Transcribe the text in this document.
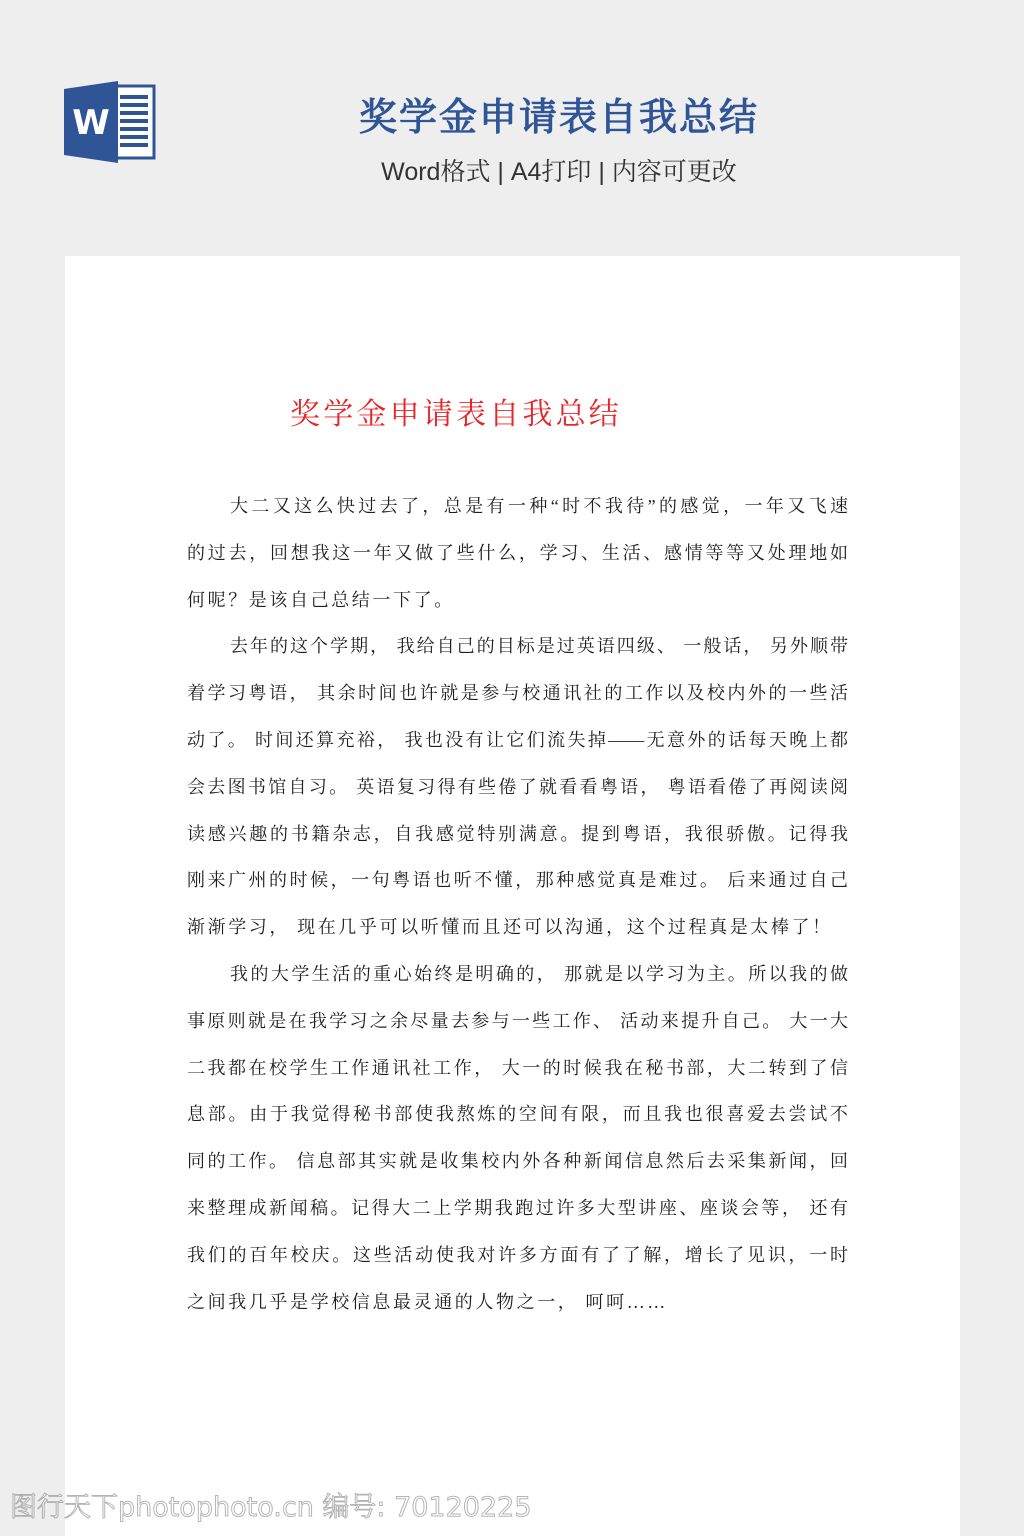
W	奖学金申请表自我总结
Word格式 | A4打印 | 内容可更改
奖学金申请表自我总结
大二又这么快过去了，总是有一种“时不我待”的感觉，一年又飞速
的过去，回想我这一年又做了些什么，学习、生活、感情等等又处理地如
何呢？是该自己总结一下了。
去年的这个学期， 我给自己的目标是过英语四级、 一般话， 另外顺带
着学习粤语， 其余时间也许就是参与校通讯社的工作以及校内外的一些活
动了。 时间还算充裕， 我也没有让它们流失掉——无意外的话每天晚上都
会去图书馆自习。 英语复习得有些倦了就看看粤语， 粤语看倦了再阅读阅
读感兴趣的书籍杂志，自我感觉特别满意。提到粤语，我很骄傲。记得我
刚来广州的时候，一句粤语也听不懂，那种感觉真是难过。 后来通过自己
渐渐学习， 现在几乎可以听懂而且还可以沟通，这个过程真是太棒了！
我的大学生活的重心始终是明确的， 那就是以学习为主。所以我的做
事原则就是在我学习之余尽量去参与一些工作、 活动来提升自己。 大一大
二我都在校学生工作通讯社工作， 大一的时候我在秘书部，大二转到了信
息部。由于我觉得秘书部使我熬炼的空间有限，而且我也很喜爱去尝试不
同的工作。 信息部其实就是收集校内外各种新闻信息然后去采集新闻，回
来整理成新闻稿。记得大二上学期我跑过许多大型讲座、座谈会等， 还有
我们的百年校庆。这些活动使我对许多方面有了了解，增长了见识，一时
之间我几乎是学校信息最灵通的人物之一， 呵呵……
图行天下photophoto.cn 编号: 70120225
